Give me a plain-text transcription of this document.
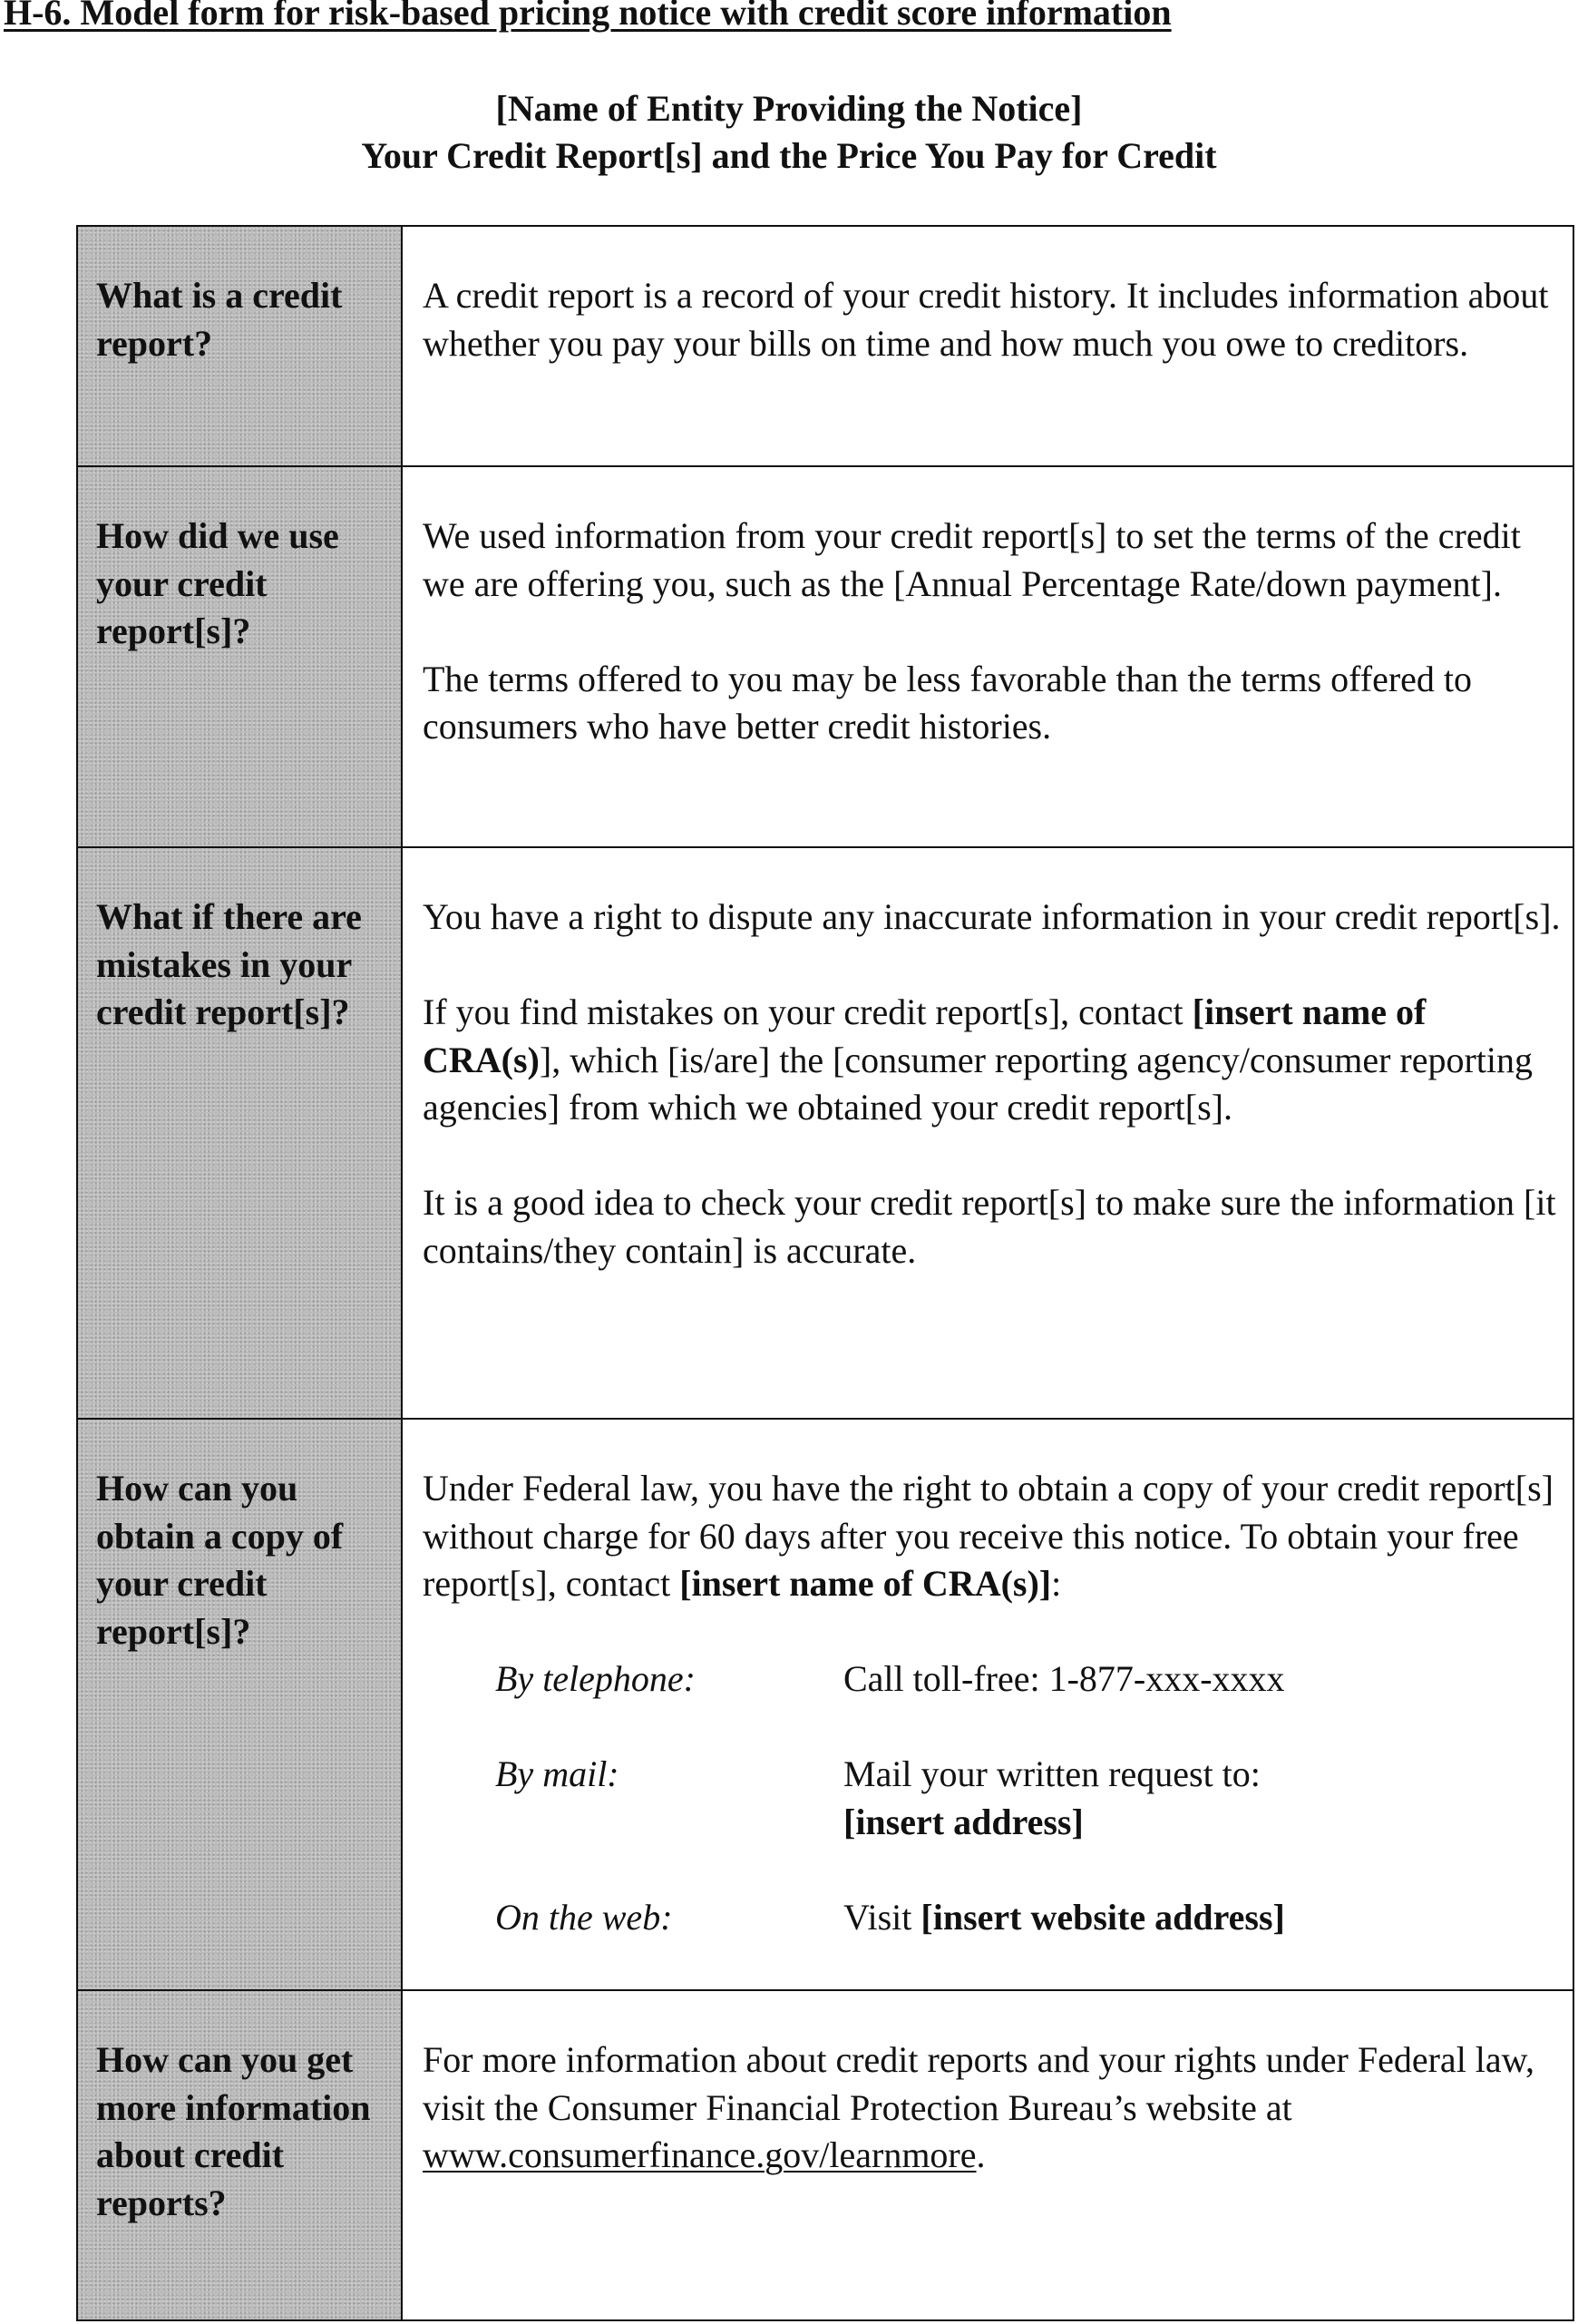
H-6. Model form for risk-based pricing notice with credit score information
[Name of Entity Providing the Notice]
Your Credit Report[s] and the Price You Pay for Credit
What is a credit report?

A credit report is a record of your credit history. It includes information about whether you pay your bills on time and how much you owe to creditors.

How did we use your credit report[s]?

We used information from your credit report[s] to set the terms of the credit we are offering you, such as the [Annual Percentage Rate/down payment].

The terms offered to you may be less favorable than the terms offered to consumers who have better credit histories.

What if there are mistakes in your credit report[s]?

You have a right to dispute any inaccurate information in your credit report[s].

If you find mistakes on your credit report[s], contact [insert name of CRA(s)], which [is/are] the [consumer reporting agency/consumer reporting agencies] from which we obtained your credit report[s].

It is a good idea to check your credit report[s] to make sure the information [it contains/they contain] is accurate.

How can you obtain a copy of your credit report[s]?

Under Federal law, you have the right to obtain a copy of your credit report[s] without charge for 60 days after you receive this notice. To obtain your free report[s], contact [insert name of CRA(s)]:

By telephone:	Call toll-free: 1-877-xxx-xxxx
By mail:	Mail your written request to:
[insert address]
On the web:	Visit [insert website address]
How can you get more information about credit reports?

For more information about credit reports and your rights under Federal law, visit the Consumer Financial Protection Bureau’s website at www.consumerfinance.gov/learnmore.
